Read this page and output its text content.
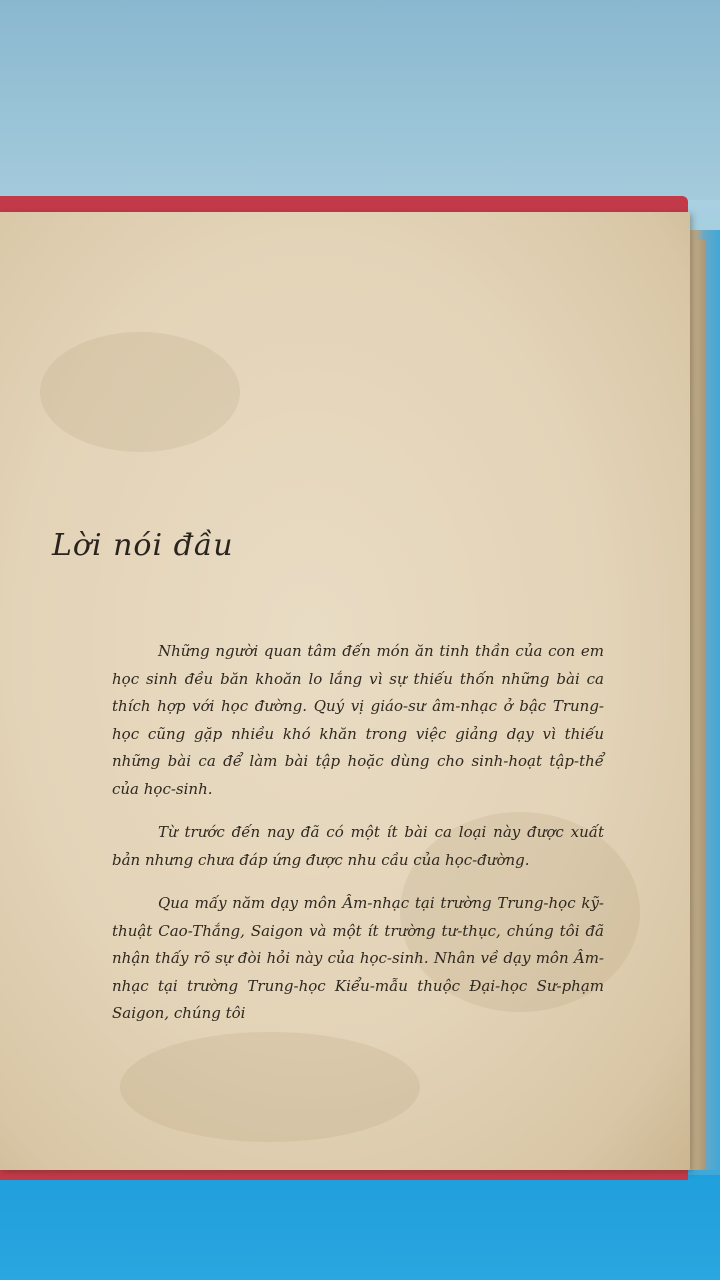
Lời nói đầu

Những người quan tâm đến món ăn tinh thần của con em học sinh đều băn khoăn lo lắng vì sự thiếu thốn những bài ca thích hợp với học đường. Quý vị giáo-sư âm-nhạc ở bậc Trung-học cũng gặp nhiều khó khăn trong việc giảng dạy vì thiếu những bài ca để làm bài tập hoặc dùng cho sinh-hoạt tập-thể của học-sinh.

Từ trước đến nay đã có một ít bài ca loại này được xuất bản nhưng chưa đáp ứng được nhu cầu của học-đường.

Qua mấy năm dạy môn Âm-nhạc tại trường Trung-học kỹ-thuật Cao-Thắng, Saigon và một ít trường tư-thục, chúng tôi đã nhận thấy rõ sự đòi hỏi này của học-sinh. Nhân về dạy môn Âm-nhạc tại trường Trung-học Kiểu-mẫu thuộc Đại-học Sư-phạm Saigon, chúng tôi
